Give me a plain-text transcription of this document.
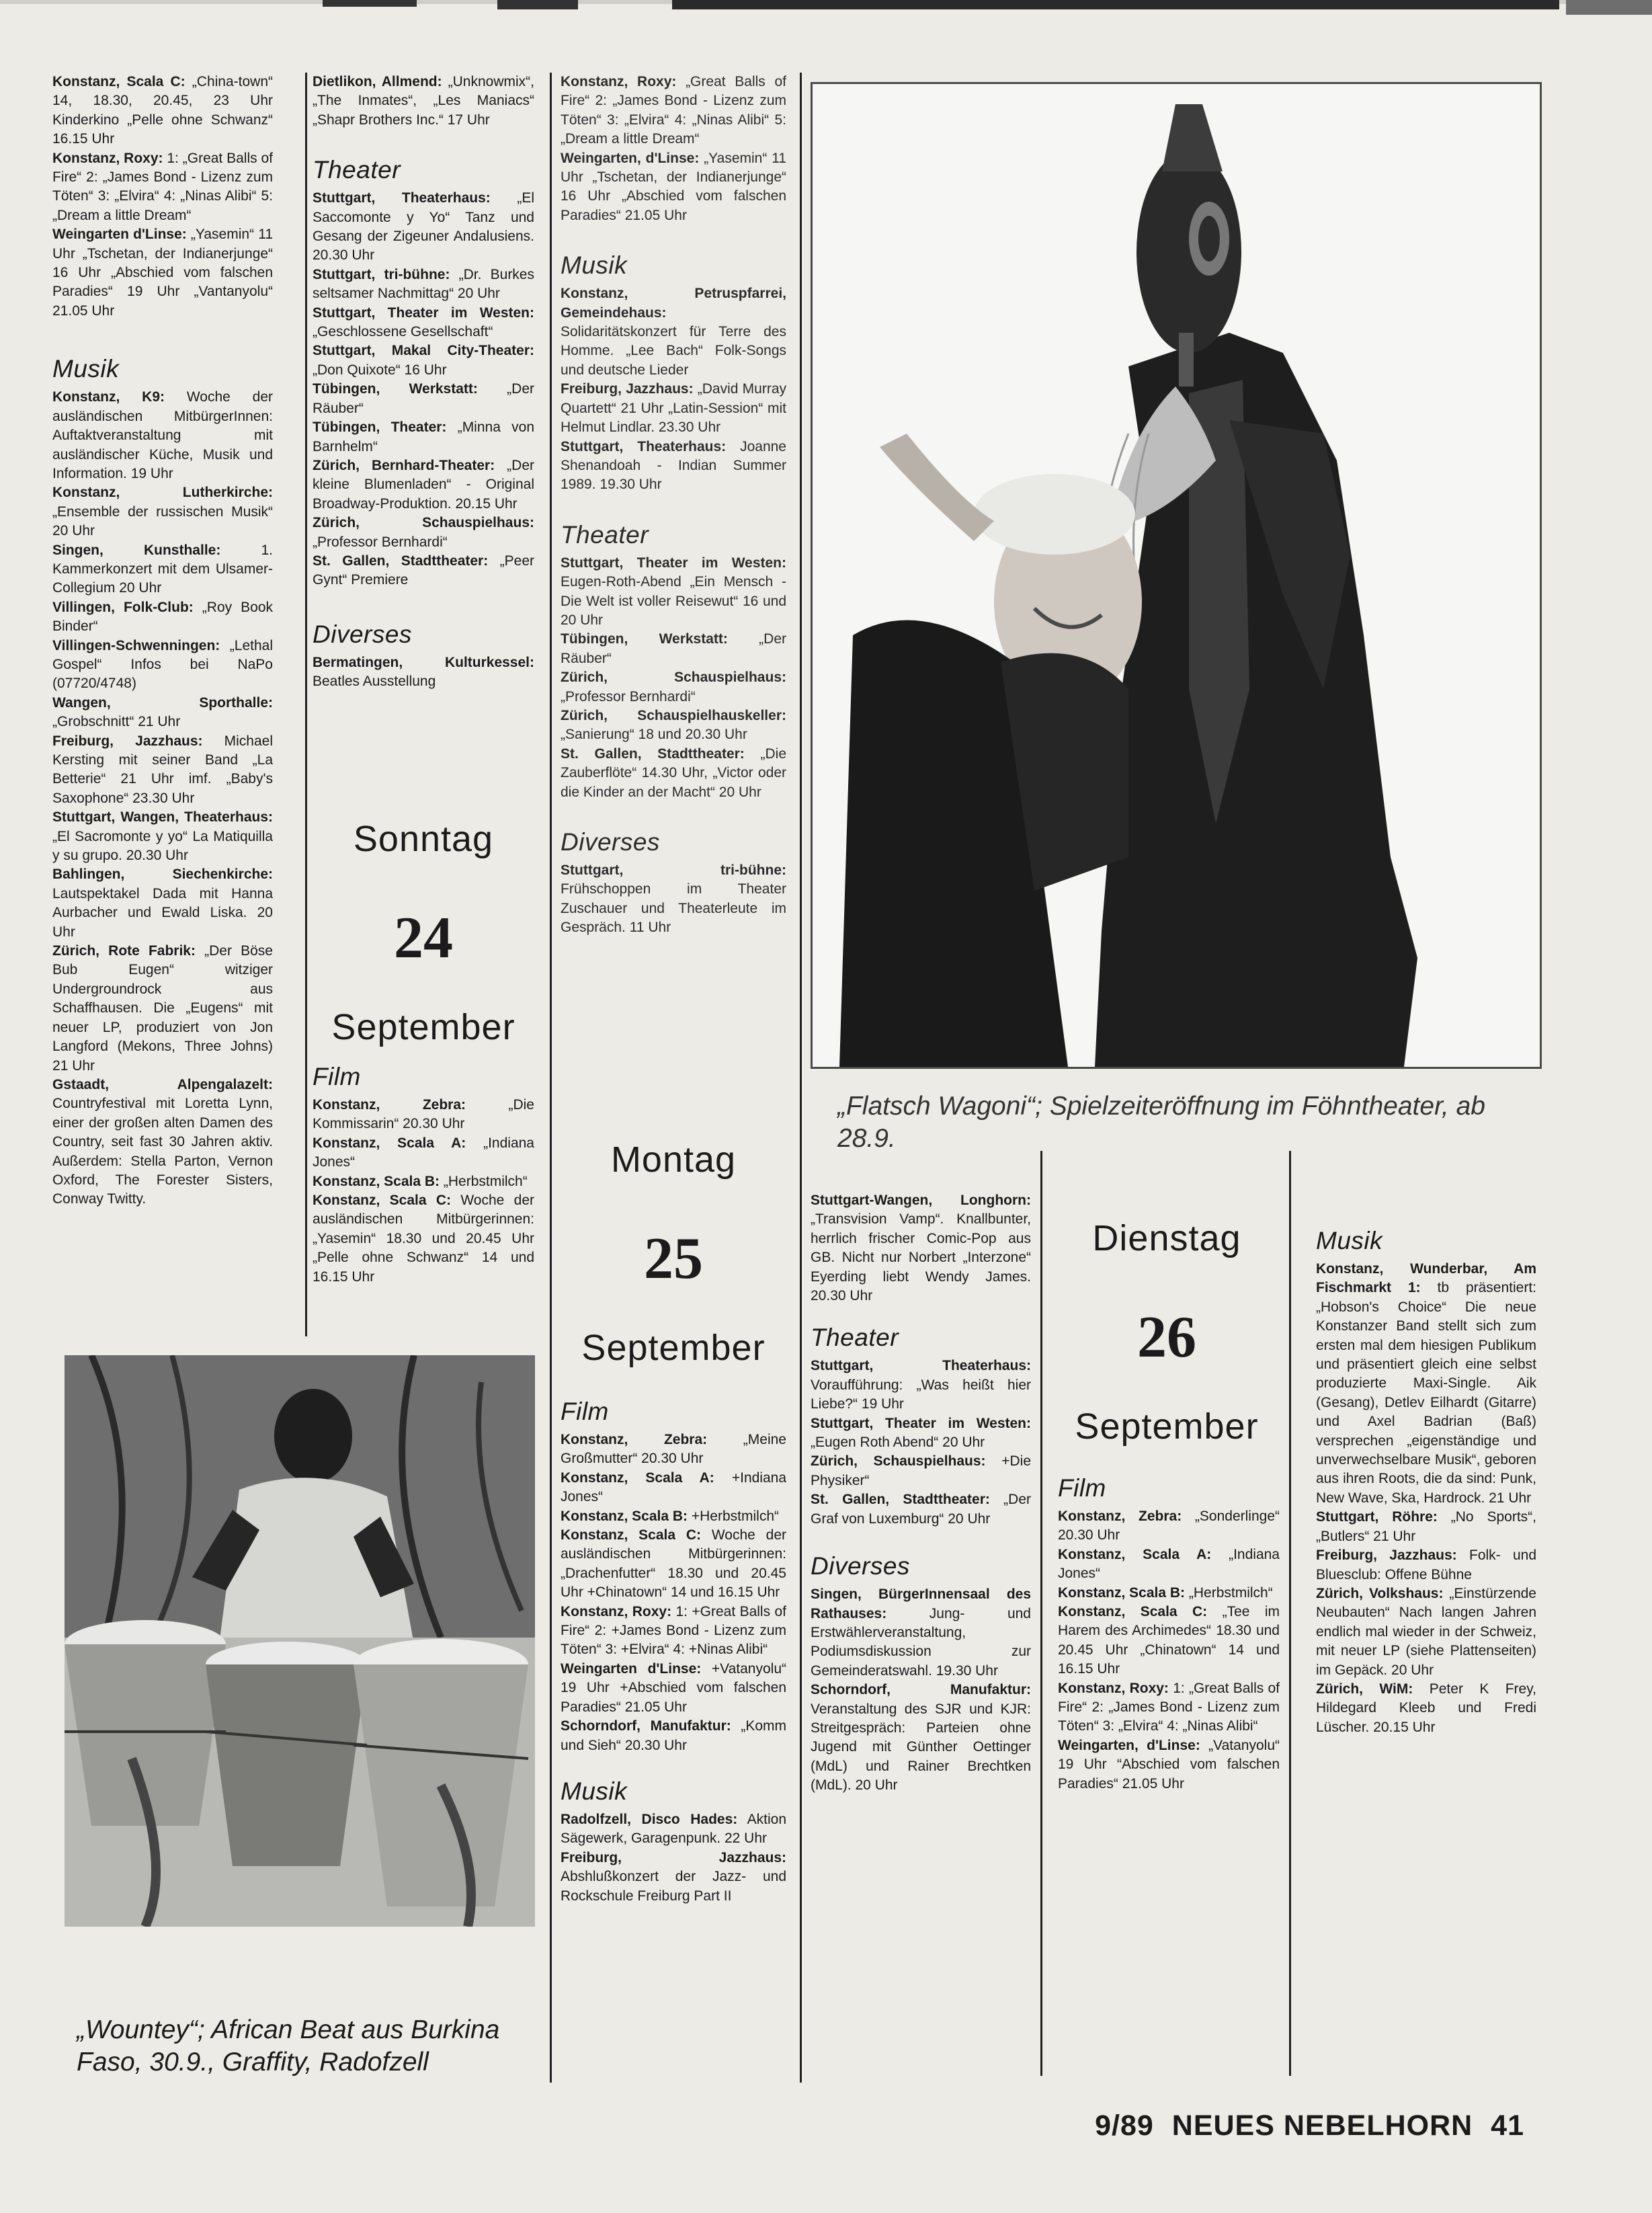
Konstanz, Scala C: „China-town“ 14, 18.30, 20.45, 23 Uhr Kinderkino „Pelle ohne Schwanz“ 16.15 Uhr

Konstanz, Roxy: 1: „Great Balls of Fire“ 2: „James Bond - Lizenz zum Töten“ 3: „Elvira“ 4: „Ninas Alibi“ 5: „Dream a little Dream“

Weingarten d'Linse: „Yasemin“ 11 Uhr „Tschetan, der Indianerjunge“ 16 Uhr „Abschied vom falschen Paradies“ 19 Uhr „Vantanyolu“ 21.05 Uhr

Musik

Konstanz, K9: Woche der ausländischen MitbürgerInnen: Auftaktveranstaltung mit ausländischer Küche, Musik und Information. 19 Uhr

Konstanz, Lutherkirche: „Ensemble der russischen Musik“ 20 Uhr

Singen, Kunsthalle: 1. Kammerkonzert mit dem Ulsamer-Collegium 20 Uhr

Villingen, Folk-Club: „Roy Book Binder“

Villingen-Schwenningen: „Lethal Gospel“ Infos bei NaPo (07720/4748)

Wangen, Sporthalle: „Grobschnitt“ 21 Uhr

Freiburg, Jazzhaus: Michael Kersting mit seiner Band „La Betterie“ 21 Uhr imf. „Baby's Saxophone“ 23.30 Uhr

Stuttgart, Wangen, Theaterhaus: „El Sacromonte y yo“ La Matiquilla y su grupo. 20.30 Uhr

Bahlingen, Siechenkirche: Lautspektakel Dada mit Hanna Aurbacher und Ewald Liska. 20 Uhr

Zürich, Rote Fabrik: „Der Böse Bub Eugen“ witziger Undergroundrock aus Schaffhausen. Die „Eugens“ mit neuer LP, produziert von Jon Langford (Mekons, Three Johns) 21 Uhr

Gstaadt, Alpengalazelt: Countryfestival mit Loretta Lynn, einer der großen alten Damen des Country, seit fast 30 Jahren aktiv. Außerdem: Stella Parton, Vernon Oxford, The Forester Sisters, Conway Twitty.

Dietlikon, Allmend: „Unknowmix“, „The Inmates“, „Les Maniacs“ „Shapr Brothers Inc.“ 17 Uhr

Theater

Stuttgart, Theaterhaus: „El Saccomonte y Yo“ Tanz und Gesang der Zigeuner Andalusiens. 20.30 Uhr

Stuttgart, tri-bühne: „Dr. Burkes seltsamer Nachmittag“ 20 Uhr

Stuttgart, Theater im Westen: „Geschlossene Gesellschaft“

Stuttgart, Makal City-Theater: „Don Quixote“ 16 Uhr

Tübingen, Werkstatt: „Der Räuber“

Tübingen, Theater: „Minna von Barnhelm“

Zürich, Bernhard-Theater: „Der kleine Blumenladen“ - Original Broadway-Produktion. 20.15 Uhr

Zürich, Schauspielhaus: „Professor Bernhardi“

St. Gallen, Stadttheater: „Peer Gynt“ Premiere

Diverses

Bermatingen, Kulturkessel: Beatles Ausstellung

Sonntag
24
September
Film

Konstanz, Zebra: „Die Kommissarin“ 20.30 Uhr

Konstanz, Scala A: „Indiana Jones“

Konstanz, Scala B: „Herbstmilch“

Konstanz, Scala C: Woche der ausländischen Mitbürgerinnen: „Yasemin“ 18.30 und 20.45 Uhr „Pelle ohne Schwanz“ 14 und 16.15 Uhr

Konstanz, Roxy: „Great Balls of Fire“ 2: „James Bond - Lizenz zum Töten“ 3: „Elvira“ 4: „Ninas Alibi“ 5: „Dream a little Dream“

Weingarten, d'Linse: „Yasemin“ 11 Uhr „Tschetan, der Indianerjunge“ 16 Uhr „Abschied vom falschen Paradies“ 21.05 Uhr

Musik

Konstanz, Petruspfarrei, Gemeindehaus: Solidaritätskonzert für Terre des Homme. „Lee Bach“ Folk-Songs und deutsche Lieder

Freiburg, Jazzhaus: „David Murray Quartett“ 21 Uhr „Latin-Session“ mit Helmut Lindlar. 23.30 Uhr

Stuttgart, Theaterhaus: Joanne Shenandoah - Indian Summer 1989. 19.30 Uhr

Theater

Stuttgart, Theater im Westen: Eugen-Roth-Abend „Ein Mensch - Die Welt ist voller Reisewut“ 16 und 20 Uhr

Tübingen, Werkstatt: „Der Räuber“

Zürich, Schauspielhaus: „Professor Bernhardi“

Zürich, Schauspielhauskeller: „Sanierung“ 18 und 20.30 Uhr

St. Gallen, Stadttheater: „Die Zauberflöte“ 14.30 Uhr, „Victor oder die Kinder an der Macht“ 20 Uhr

Diverses

Stuttgart, tri-bühne: Frühschoppen im Theater Zuschauer und Theaterleute im Gespräch. 11 Uhr

Montag
25
September
Film

Konstanz, Zebra: „Meine Großmutter“ 20.30 Uhr

Konstanz, Scala A: +Indiana Jones“

Konstanz, Scala B: +Herbstmilch“

Konstanz, Scala C: Woche der ausländischen Mitbürgerinnen: „Drachenfutter“ 18.30 und 20.45 Uhr +Chinatown“ 14 und 16.15 Uhr

Konstanz, Roxy: 1: +Great Balls of Fire“ 2: +James Bond - Lizenz zum Töten“ 3: +Elvira“ 4: +Ninas Alibi“

Weingarten d'Linse: +Vatanyolu“ 19 Uhr +Abschied vom falschen Paradies“ 21.05 Uhr

Schorndorf, Manufaktur: „Komm und Sieh“ 20.30 Uhr

Musik

Radolfzell, Disco Hades: Aktion Sägewerk, Garagenpunk. 22 Uhr

Freiburg, Jazzhaus: Abshlußkonzert der Jazz- und Rockschule Freiburg Part II

„Flatsch Wagoni“; Spielzeiteröffnung im Föhntheater, ab 28.9.

Stuttgart-Wangen, Longhorn: „Transvision Vamp“. Knallbunter, herrlich frischer Comic-Pop aus GB. Nicht nur Norbert „Interzone“ Eyerding liebt Wendy James. 20.30 Uhr

Theater

Stuttgart, Theaterhaus: Voraufführung: „Was heißt hier Liebe?“ 19 Uhr

Stuttgart, Theater im Westen: „Eugen Roth Abend“ 20 Uhr

Zürich, Schauspielhaus: +Die Physiker“

St. Gallen, Stadttheater: „Der Graf von Luxemburg“ 20 Uhr

Diverses

Singen, BürgerInnensaal des Rathauses: Jung- und Erstwählerveranstaltung, Podiumsdiskussion zur Gemeinderatswahl. 19.30 Uhr

Schorndorf, Manufaktur: Veranstaltung des SJR und KJR: Streitgespräch: Parteien ohne Jugend mit Günther Oettinger (MdL) und Rainer Brechtken (MdL). 20 Uhr

Dienstag
26
September
Film

Konstanz, Zebra: „Sonderlinge“ 20.30 Uhr

Konstanz, Scala A: „Indiana Jones“

Konstanz, Scala B: „Herbstmilch“

Konstanz, Scala C: „Tee im Harem des Archimedes“ 18.30 und 20.45 Uhr „Chinatown“ 14 und 16.15 Uhr

Konstanz, Roxy: 1: „Great Balls of Fire“ 2: „James Bond - Lizenz zum Töten“ 3: „Elvira“ 4: „Ninas Alibi“

Weingarten, d'Linse: „Vatanyolu“ 19 Uhr “Abschied vom falschen Paradies“ 21.05 Uhr

Musik

Konstanz, Wunderbar, Am Fischmarkt 1: tb präsentiert: „Hobson's Choice“ Die neue Konstanzer Band stellt sich zum ersten mal dem hiesigen Publikum und präsentiert gleich eine selbst produzierte Maxi-Single. Aik (Gesang), Detlev Eilhardt (Gitarre) und Axel Badrian (Baß) versprechen „eigenständige und unverwechselbare Musik“, geboren aus ihren Roots, die da sind: Punk, New Wave, Ska, Hardrock. 21 Uhr

Stuttgart, Röhre: „No Sports“, „Butlers“ 21 Uhr

Freiburg, Jazzhaus: Folk- und Bluesclub: Offene Bühne

Zürich, Volkshaus: „Einstürzende Neubauten“ Nach langen Jahren endlich mal wieder in der Schweiz, mit neuer LP (siehe Plattenseiten) im Gepäck. 20 Uhr

Zürich, WiM: Peter K Frey, Hildegard Kleeb und Fredi Lüscher. 20.15 Uhr

„Wountey“; African Beat aus Burkina Faso, 30.9., Graffity, Radofzell
9/89 NEUES NEBELHORN 41
